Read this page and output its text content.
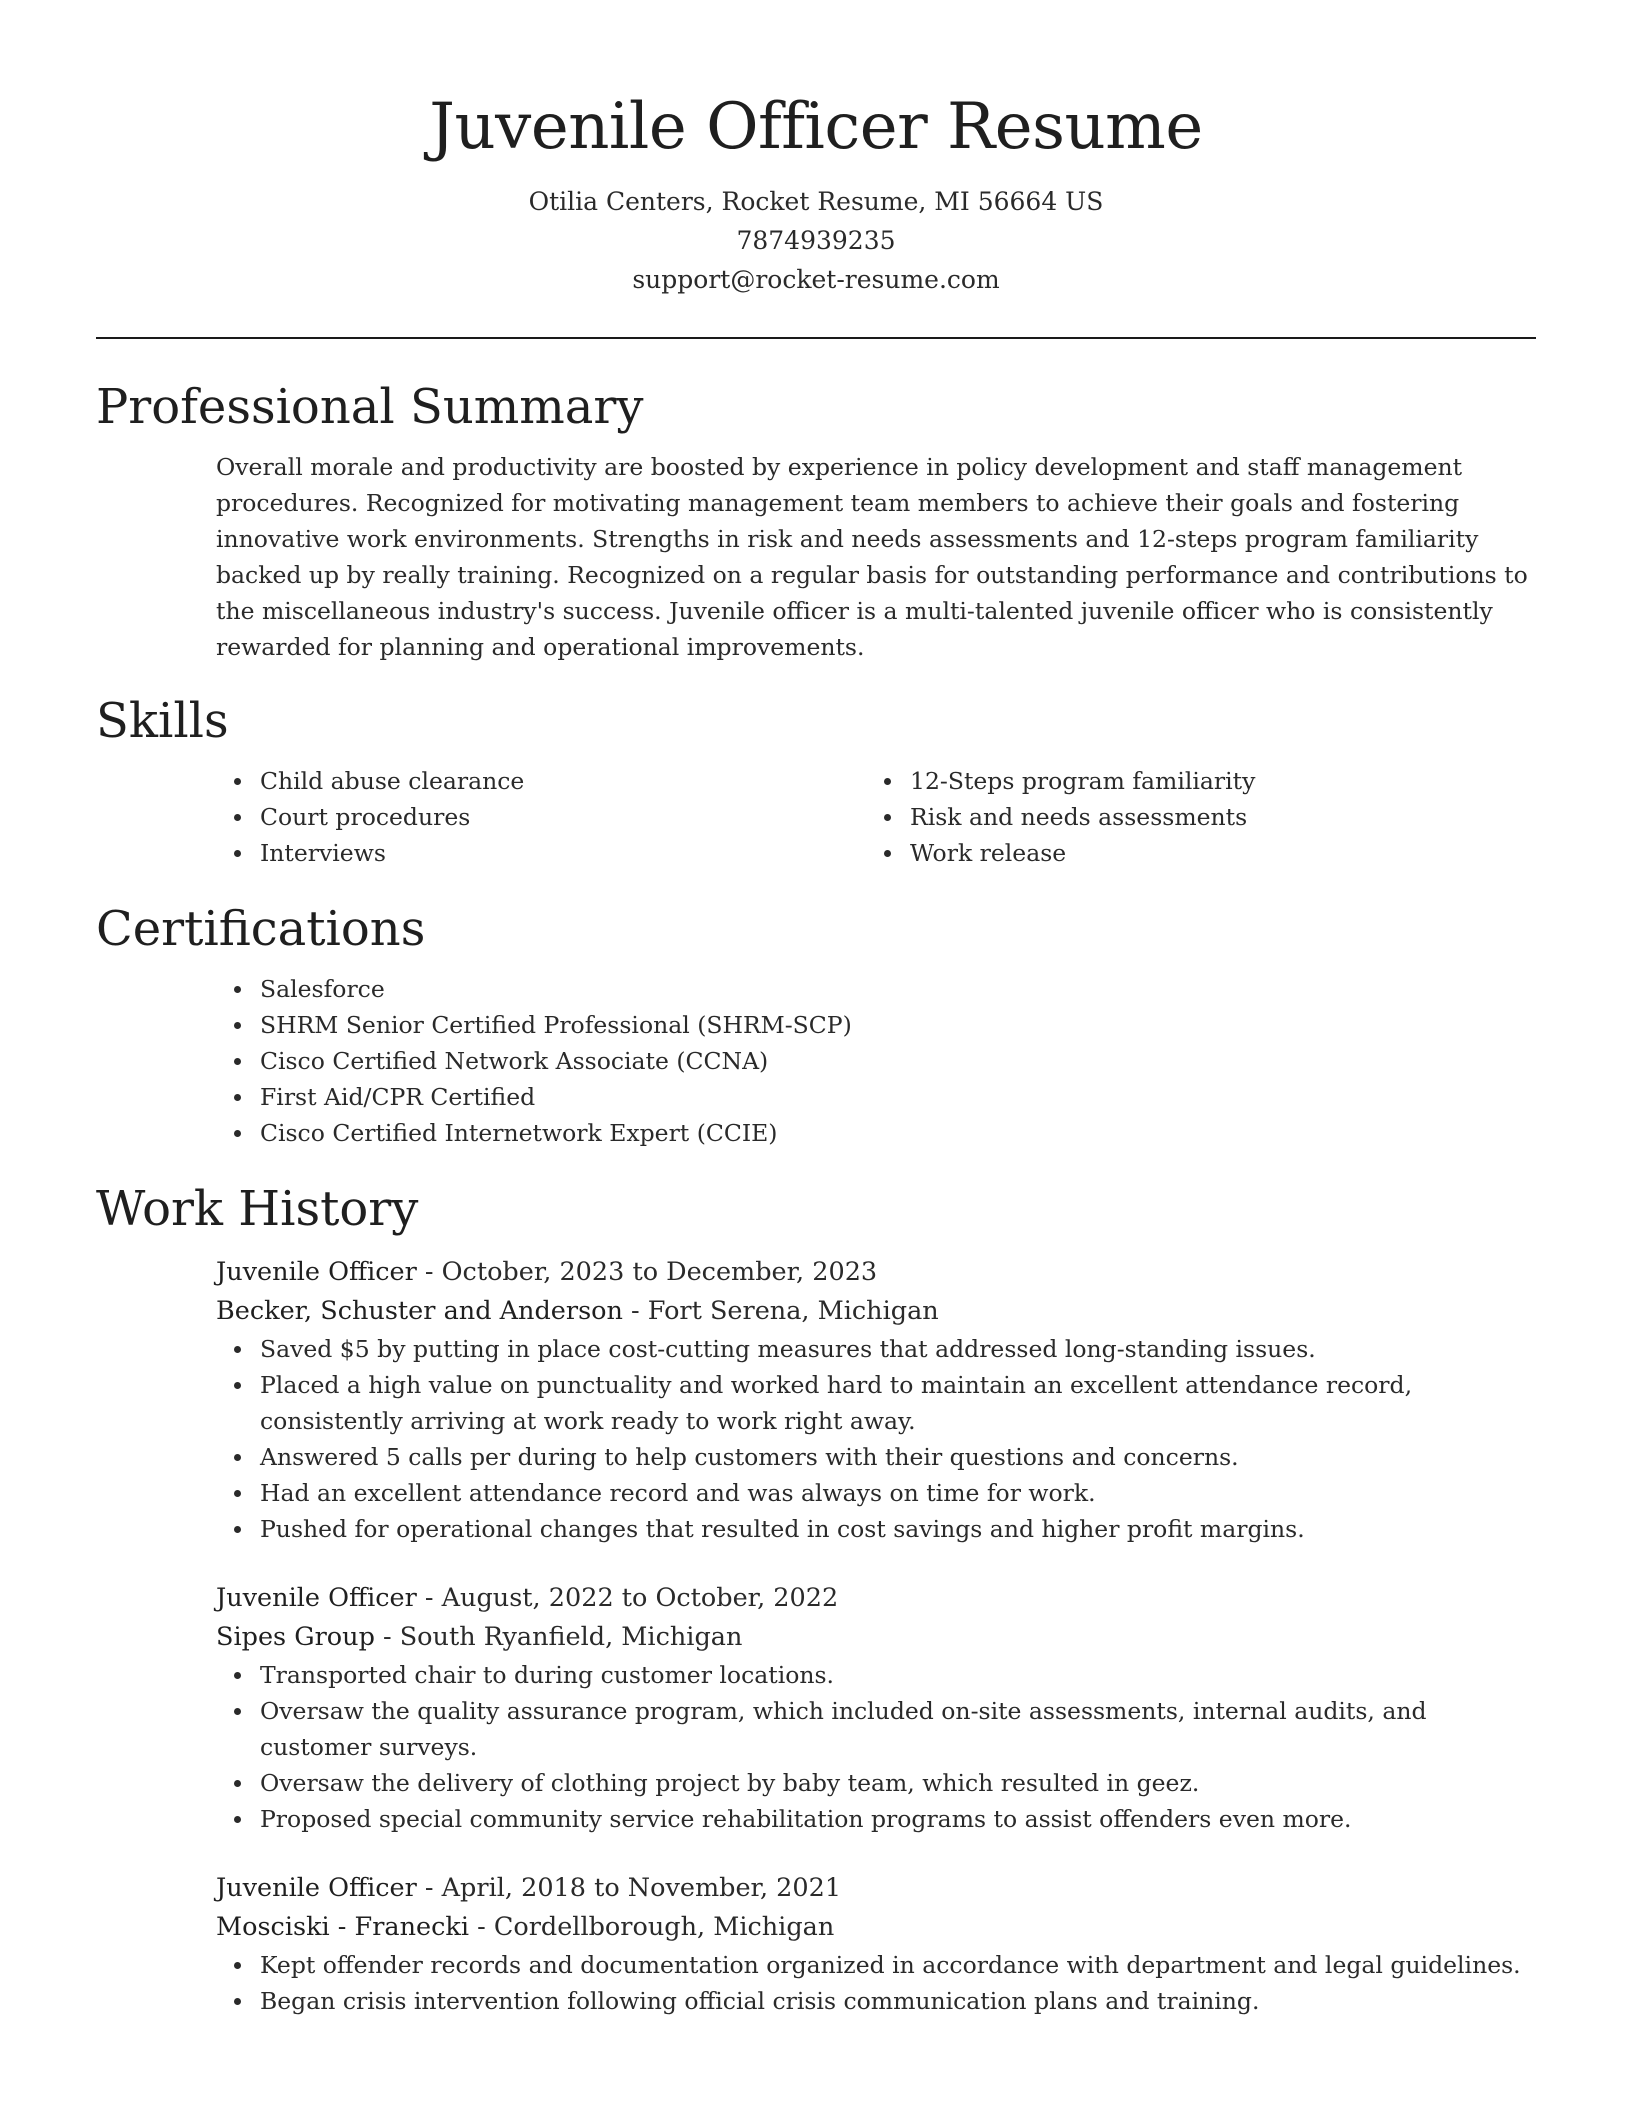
Juvenile Officer Resume
Otilia Centers, Rocket Resume, MI 56664 US
7874939235
support@rocket-resume.com
Professional Summary
Overall morale and productivity are boosted by experience in policy development and staff management procedures. Recognized for motivating management team members to achieve their goals and fostering innovative work environments. Strengths in risk and needs assessments and 12-steps program familiarity backed up by really training. Recognized on a regular basis for outstanding performance and contributions to the miscellaneous industry's success. Juvenile officer is a multi-talented juvenile officer who is consistently rewarded for planning and operational improvements.
Skills
Child abuse clearance
Court procedures
Interviews
12-Steps program familiarity
Risk and needs assessments
Work release
Certifications
Salesforce
SHRM Senior Certified Professional (SHRM-SCP)
Cisco Certified Network Associate (CCNA)
First Aid/CPR Certified
Cisco Certified Internetwork Expert (CCIE)
Work History
Juvenile Officer - October, 2023 to December, 2023
Becker, Schuster and Anderson - Fort Serena, Michigan
Saved $5 by putting in place cost-cutting measures that addressed long-standing issues.
Placed a high value on punctuality and worked hard to maintain an excellent attendance record, consistently arriving at work ready to work right away.
Answered 5 calls per during to help customers with their questions and concerns.
Had an excellent attendance record and was always on time for work.
Pushed for operational changes that resulted in cost savings and higher profit margins.
Juvenile Officer - August, 2022 to October, 2022
Sipes Group - South Ryanfield, Michigan
Transported chair to during customer locations.
Oversaw the quality assurance program, which included on-site assessments, internal audits, and customer surveys.
Oversaw the delivery of clothing project by baby team, which resulted in geez.
Proposed special community service rehabilitation programs to assist offenders even more.
Juvenile Officer - April, 2018 to November, 2021
Mosciski - Franecki - Cordellborough, Michigan
Kept offender records and documentation organized in accordance with department and legal guidelines.
Began crisis intervention following official crisis communication plans and training.
